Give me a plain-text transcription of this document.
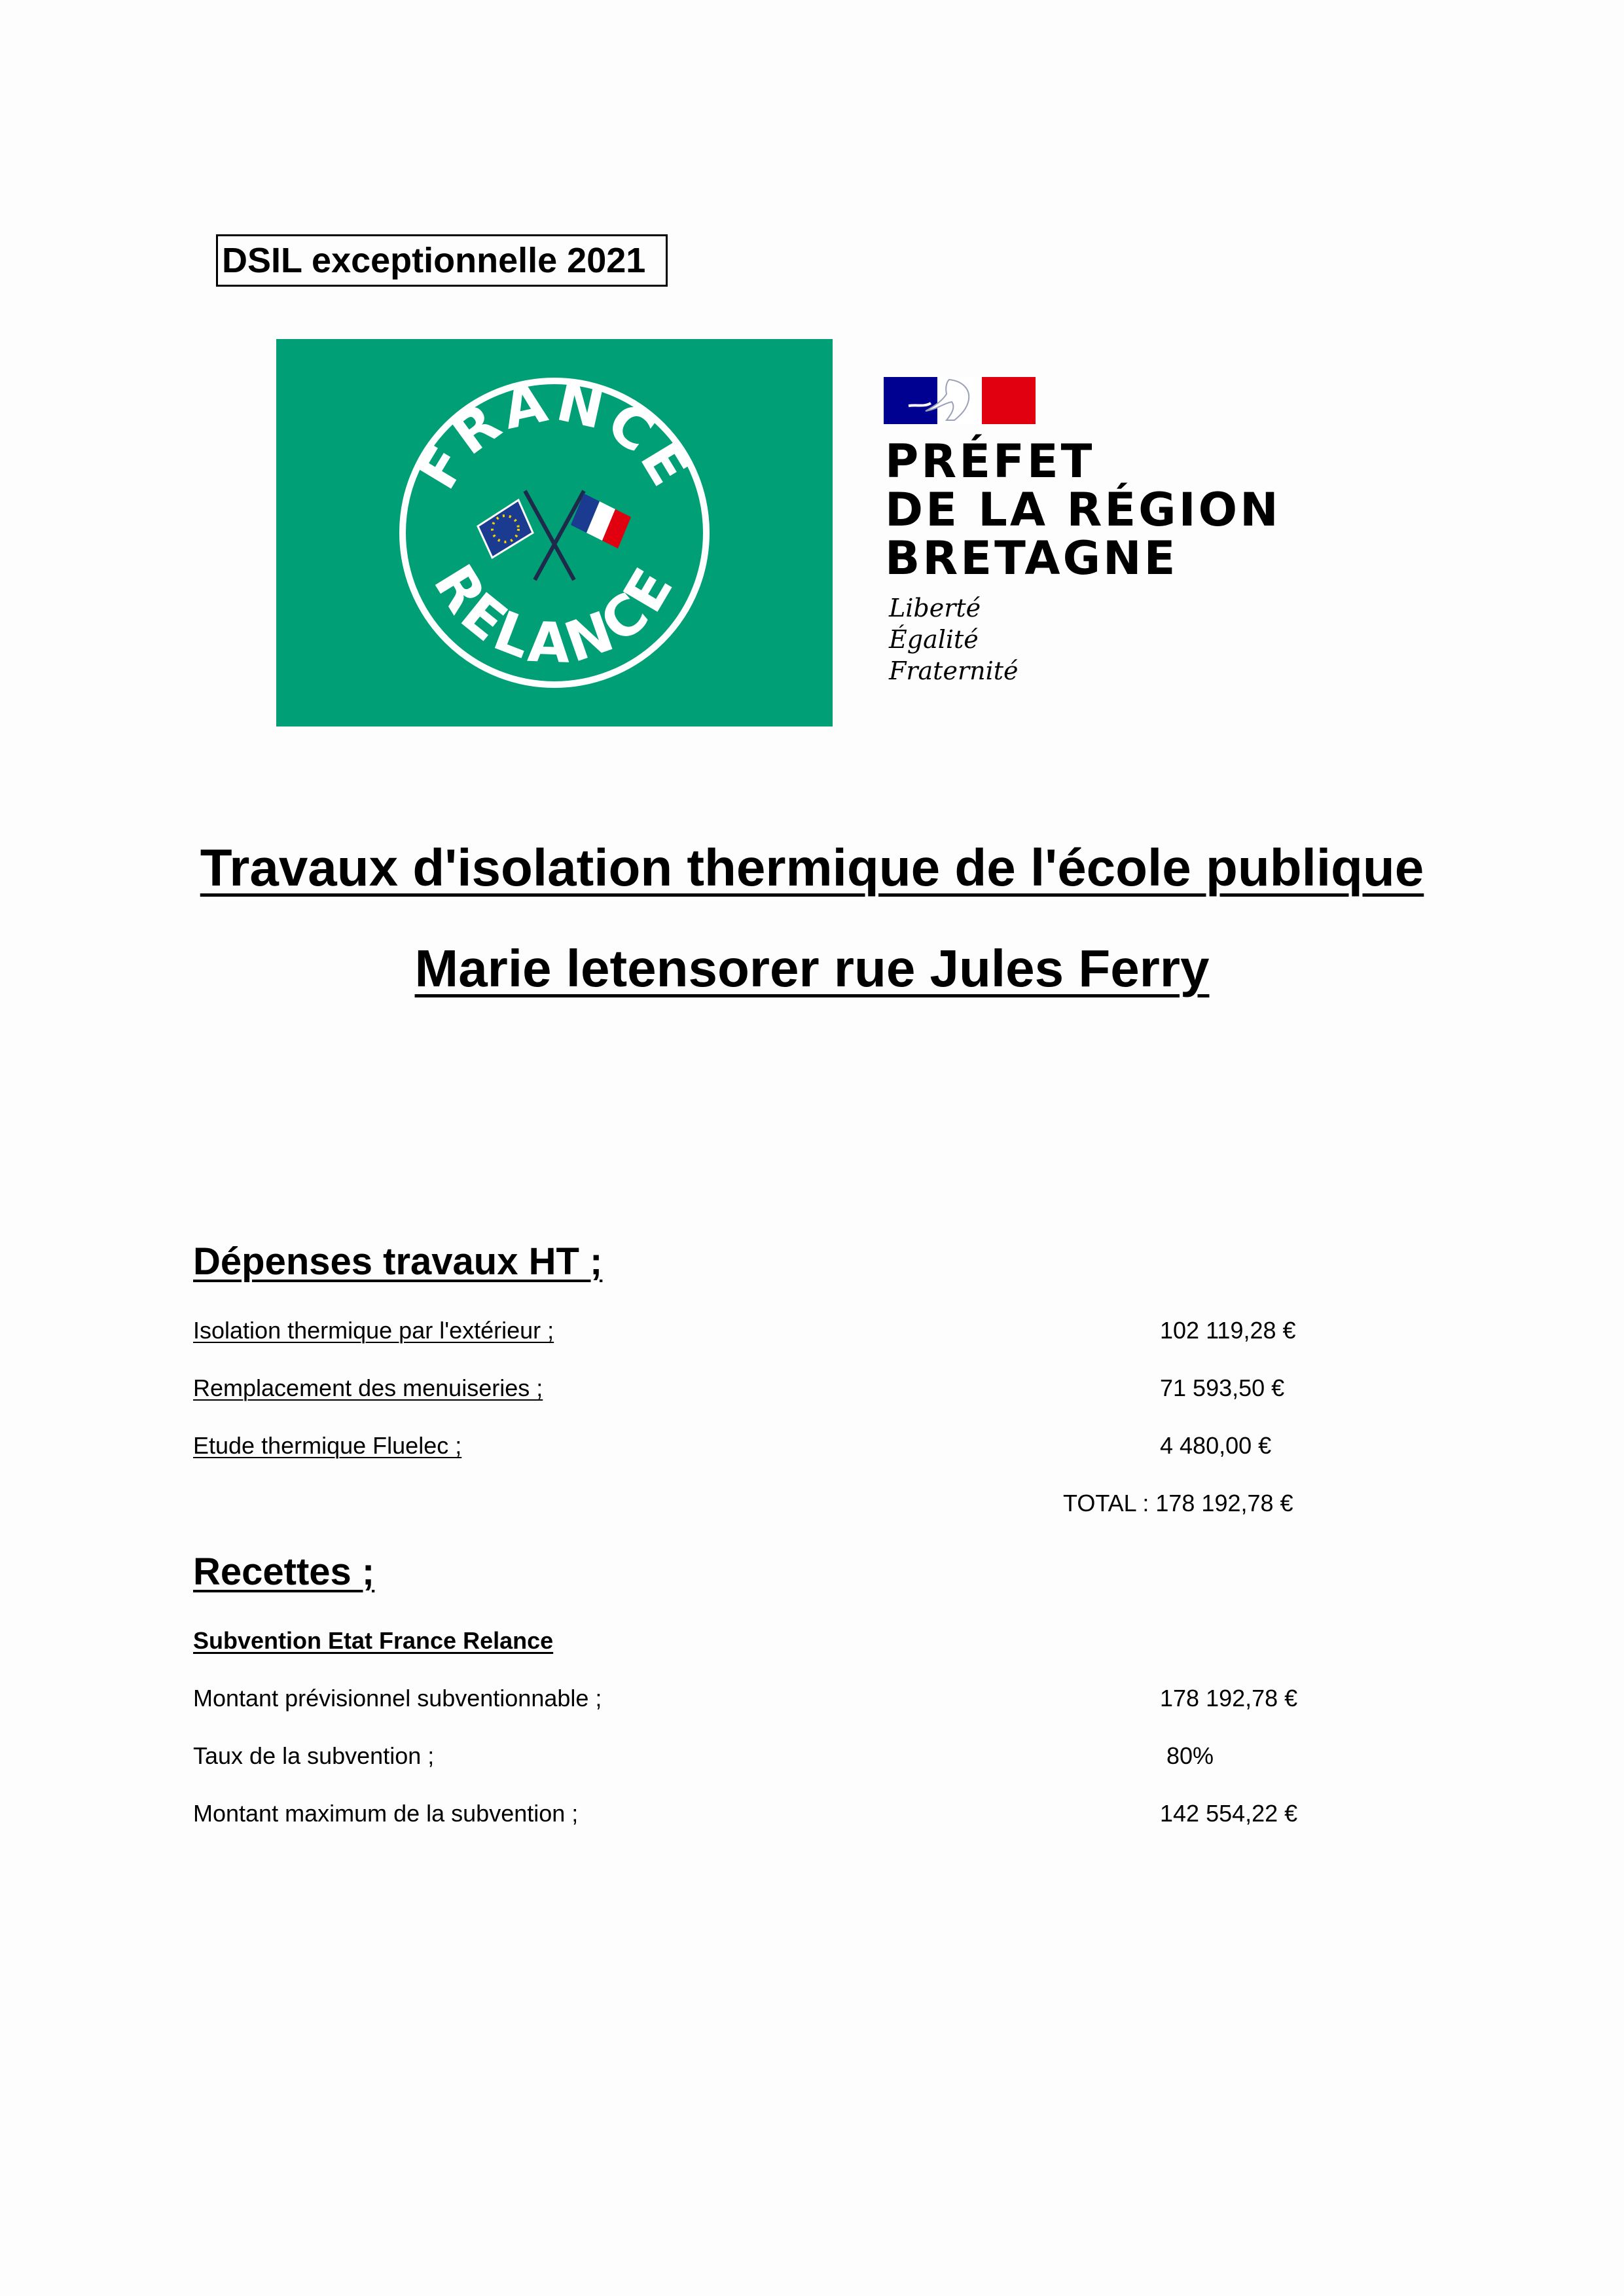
DSIL exceptionnelle 2021
FRANCE
RELANCE
PRÉFET
DE LA RÉGION
BRETAGNE
Liberté
Égalité
Fraternité
Travaux d'isolation thermique de l'école publique
Marie letensorer rue Jules Ferry
Dépenses travaux HT ;
Isolation thermique par l'extérieur ;	102 119,28 €
Remplacement des menuiseries ;	71 593,50 €
Etude thermique Fluelec ;	4 480,00 €
TOTAL : 178 192,78 €
Recettes ;
Subvention Etat France Relance
Montant prévisionnel subventionnable ;	178 192,78 €
Taux de la subvention ;	80%
Montant maximum de la subvention ;	142 554,22 €
